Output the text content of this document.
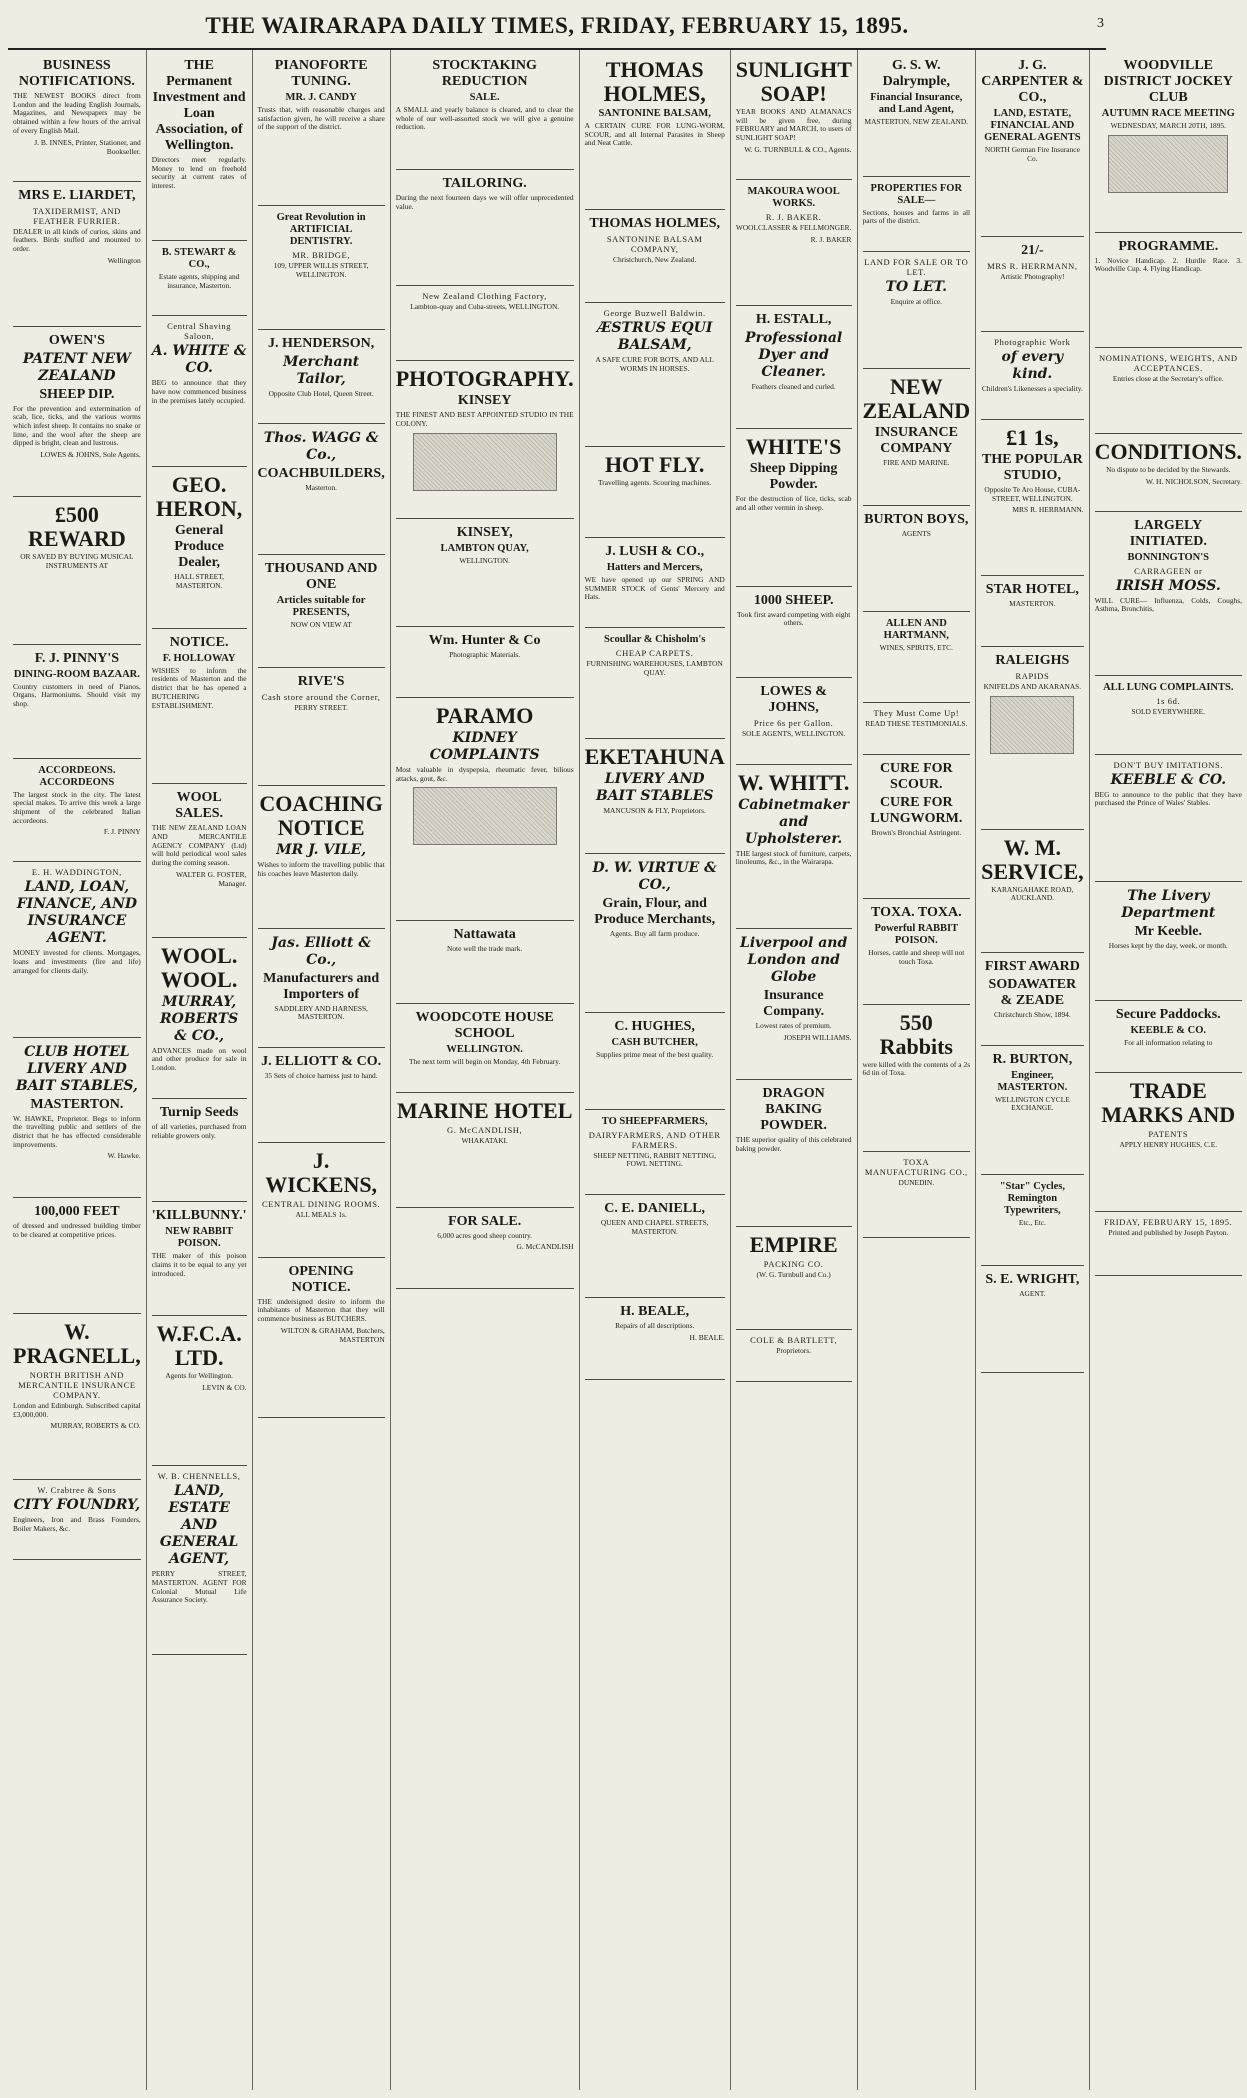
THE WAIRARAPA DAILY TIMES, FRIDAY, FEBRUARY 15, 1895.	3
BUSINESS NOTIFICATIONS.

THE NEWEST BOOKS direct from London and the leading English Journals, Magazines, and Newspapers may be obtained within a few hours of the arrival of every English Mail.

J. B. INNES, Printer, Stationer, and Bookseller.
MRS E. LIARDET,
TAXIDERMIST, AND FEATHER FURRIER.

DEALER in all kinds of curios, skins and feathers. Birds stuffed and mounted to order.

Wellington
OWEN'S
PATENT NEW ZEALAND
SHEEP DIP.

For the prevention and extermination of scab, lice, ticks, and the various worms which infest sheep. It contains no snake or lime, and the wool after the sheep are dipped is bright, clean and lustrous.

LOWES & JOHNS, Sole Agents.
£500 REWARD

OR SAVED BY BUYING MUSICAL INSTRUMENTS AT

F. J. PINNY'S
DINING-ROOM BAZAAR.

Country customers in need of Pianos, Organs, Harmoniums. Should visit my shop.

ACCORDEONS. ACCORDEONS

The largest stock in the city. The latest special makes. To arrive this week a large shipment of the celebrated Italian accordeons.

F. J. PINNY
E. H. WADDINGTON,
LAND, LOAN, FINANCE, AND INSURANCE AGENT.

MONEY invested for clients. Mortgages, loans and investments (fire and life) arranged for clients daily.

CLUB HOTEL LIVERY AND BAIT STABLES,
MASTERTON.

W. HAWKE, Proprietor. Begs to inform the travelling public and settlers of the district that he has effected considerable improvements.

W. Hawke.
100,000 FEET

of dressed and undressed building timber to be cleared at competitive prices.

W. PRAGNELL,
NORTH BRITISH AND MERCANTILE INSURANCE COMPANY.

London and Edinburgh. Subscribed capital £3,000,000.

MURRAY, ROBERTS & CO.
W. Crabtree & Sons
CITY FOUNDRY,

Engineers, Iron and Brass Founders, Boiler Makers, &c.

THE Permanent Investment and Loan Association, of Wellington.

Directors meet regularly. Money to lend on freehold security at current rates of interest.

B. STEWART & CO.,

Estate agents, shipping and insurance, Masterton.

Central Shaving Saloon,
A. WHITE & CO.

BEG to announce that they have now commenced business in the premises lately occupied.

GEO. HERON,
General Produce Dealer,

HALL STREET, MASTERTON.

NOTICE.
F. HOLLOWAY

WISHES to inform the residents of Masterton and the district that he has opened a BUTCHERING ESTABLISHMENT.

WOOL SALES.

THE NEW ZEALAND LOAN AND MERCANTILE AGENCY COMPANY (Ltd) will hold periodical wool sales during the coming season.

WALTER G. FOSTER, Manager.
WOOL. WOOL.
MURRAY, ROBERTS & CO.,

ADVANCES made on wool and other produce for sale in London.

Turnip Seeds

of all varieties, purchased from reliable growers only.

'KILLBUNNY.'
NEW RABBIT POISON.

THE maker of this poison claims it to be equal to any yet introduced.

W.F.C.A. LTD.

Agents for Wellington.

LEVIN & CO.
W. B. CHENNELLS,
LAND, ESTATE AND GENERAL AGENT,

PERRY STREET, MASTERTON. AGENT FOR Colonial Mutual Life Assurance Society.

PIANOFORTE TUNING.
MR. J. CANDY

Trusts that, with reasonable charges and satisfaction given, he will receive a share of the support of the district.

Great Revolution in ARTIFICIAL DENTISTRY.
MR. BRIDGE,

109, UPPER WILLIS STREET, WELLINGTON.

J. HENDERSON,
Merchant Tailor,

Opposite Club Hotel, Queen Street.

Thos. WAGG & Co.,
COACHBUILDERS,

Masterton.

THOUSAND AND ONE
Articles suitable for PRESENTS,

NOW ON VIEW AT

RIVE'S
Cash store around the Corner,

PERRY STREET.

COACHING NOTICE
MR J. VILE,

Wishes to inform the travelling public that his coaches leave Masterton daily.

Jas. Elliott & Co.,
Manufacturers and Importers of

SADDLERY AND HARNESS, MASTERTON.

J. ELLIOTT & CO.

35 Sets of choice harness just to hand.

J. WICKENS,
CENTRAL DINING ROOMS.

ALL MEALS 1s.

OPENING NOTICE.

THE undersigned desire to inform the inhabitants of Masterton that they will commence business as BUTCHERS.

WILTON & GRAHAM, Butchers, MASTERTON
STOCKTAKING REDUCTION
SALE.

A SMALL and yearly balance is cleared, and to clear the whole of our well-assorted stock we will give a genuine reduction.

TAILORING.

During the next fourteen days we will offer unprecedented value.

New Zealand Clothing Factory,

Lambton-quay and Cuba-streets, WELLINGTON.

PHOTOGRAPHY.
KINSEY

THE FINEST AND BEST APPOINTED STUDIO IN THE COLONY.

KINSEY,
LAMBTON QUAY,

WELLINGTON.

Wm. Hunter & Co

Photographic Materials.

PARAMO
KIDNEY COMPLAINTS

Most valuable in dyspepsia, rheumatic fever, bilious attacks, gout, &c.

Nattawata

Note well the trade mark.

WOODCOTE HOUSE SCHOOL
WELLINGTON.

The next term will begin on Monday, 4th February.

MARINE HOTEL
G. McCANDLISH,

WHAKATAKI.

FOR SALE.

6,000 acres good sheep country.

G. McCANDLISH
THOMAS HOLMES,
SANTONINE BALSAM,

A CERTAIN CURE FOR LUNG-WORM, SCOUR, and all Internal Parasites in Sheep and Neat Cattle.

THOMAS HOLMES,
SANTONINE BALSAM COMPANY,

Christchurch, New Zealand.

George Buzwell Baldwin.
ÆSTRUS EQUI BALSAM,

A SAFE CURE FOR BOTS, AND ALL WORMS IN HORSES.

HOT FLY.

Travelling agents. Scouring machines.

J. LUSH & CO.,
Hatters and Mercers,

WE have opened up our SPRING AND SUMMER STOCK of Gents' Mercery and Hats.

Scoullar & Chisholm's
CHEAP CARPETS.

FURNISHING WAREHOUSES, LAMBTON QUAY.

EKETAHUNA
LIVERY AND BAIT STABLES

MANCUSON & FLY, Proprietors.

D. W. VIRTUE & CO.,
Grain, Flour, and Produce Merchants,

Agents. Buy all farm produce.

C. HUGHES,
CASH BUTCHER,

Supplies prime meat of the best quality.

TO SHEEPFARMERS,
DAIRYFARMERS, AND OTHER FARMERS.

SHEEP NETTING, RABBIT NETTING, FOWL NETTING.

C. E. DANIELL,

QUEEN AND CHAPEL STREETS, MASTERTON.

H. BEALE,

Repairs of all descriptions.

H. BEALE.
SUNLIGHT SOAP!

YEAR BOOKS AND ALMANACS will be given free, during FEBRUARY and MARCH, to users of SUNLIGHT SOAP!

W. G. TURNBULL & CO., Agents.
MAKOURA WOOL WORKS.
R. J. BAKER.

WOOLCLASSER & FELLMONGER.

R. J. BAKER
H. ESTALL,
Professional Dyer and Cleaner.

Feathers cleaned and curled.

WHITE'S
Sheep Dipping Powder.

For the destruction of lice, ticks, scab and all other vermin in sheep.

1000 SHEEP.

Took first award competing with eight others.

LOWES & JOHNS,
Price 6s per Gallon.

SOLE AGENTS, WELLINGTON.

W. WHITT.
Cabinetmaker and Upholsterer.

THE largest stock of furniture, carpets, linoleums, &c., in the Wairarapa.

Liverpool and London and Globe
Insurance Company.

Lowest rates of premium.

JOSEPH WILLIAMS.
DRAGON BAKING POWDER.

THE superior quality of this celebrated baking powder.

EMPIRE
PACKING CO.

(W. G. Turnbull and Co.)

COLE & BARTLETT,

Proprietors.

G. S. W. Dalrymple,
Financial Insurance, and Land Agent,

MASTERTON, NEW ZEALAND.

PROPERTIES FOR SALE—

Sections, houses and farms in all parts of the district.

LAND FOR SALE OR TO LET.
TO LET.

Enquire at office.

NEW ZEALAND
INSURANCE COMPANY

FIRE AND MARINE.

BURTON BOYS,

AGENTS

ALLEN AND HARTMANN,

WINES, SPIRITS, ETC.

They Must Come Up!

READ THESE TESTIMONIALS.

CURE FOR SCOUR.
CURE FOR LUNGWORM.

Brown's Bronchial Astringent.

TOXA. TOXA.
Powerful RABBIT POISON.

Horses, cattle and sheep will not touch Toxa.

550 Rabbits

were killed with the contents of a 2s 6d tin of Toxa.

TOXA MANUFACTURING CO.,

DUNEDIN.

J. G. CARPENTER & CO.,
LAND, ESTATE, FINANCIAL AND GENERAL AGENTS

NORTH German Fire Insurance Co.

21/-
MRS R. HERRMANN,

Artistic Photography!

Photographic Work
of every kind.

Children's Likenesses a speciality.

£1 1s,
THE POPULAR STUDIO,

Opposite Te Aro House, CUBA-STREET, WELLINGTON.

MRS R. HERRMANN.
STAR HOTEL,

MASTERTON.

RALEIGHS
RAPIDS

KNIFELDS AND AKARANAS.

W. M. SERVICE,

KARANGAHAKE ROAD, AUCKLAND.

FIRST AWARD
SODAWATER & ZEADE

Christchurch Show, 1894.

R. BURTON,
Engineer, MASTERTON.

WELLINGTON CYCLE EXCHANGE.

"Star" Cycles, Remington Typewriters,

Etc., Etc.

S. E. WRIGHT,

AGENT.

WOODVILLE DISTRICT JOCKEY CLUB
AUTUMN RACE MEETING

WEDNESDAY, MARCH 20TH, 1895.

PROGRAMME.

1. Novice Handicap. 2. Hurdle Race. 3. Woodville Cup. 4. Flying Handicap.

NOMINATIONS, WEIGHTS, AND ACCEPTANCES.

Entries close at the Secretary's office.

CONDITIONS.

No dispute to be decided by the Stewards.

W. H. NICHOLSON, Secretary.
LARGELY INITIATED.
BONNINGTON'S
CARRAGEEN or
IRISH MOSS.

WILL CURE— Influenza, Colds, Coughs, Asthma, Bronchitis,

ALL LUNG COMPLAINTS.
1s 6d.

SOLD EVERYWHERE.

DON'T BUY IMITATIONS.
KEEBLE & CO.

BEG to announce to the public that they have purchased the Prince of Wales' Stables.

The Livery Department
Mr Keeble.

Horses kept by the day, week, or month.

Secure Paddocks.
KEEBLE & CO.

For all information relating to

TRADE MARKS AND
PATENTS

APPLY HENRY HUGHES, C.E.

FRIDAY, FEBRUARY 15, 1895.

Printed and published by Joseph Payton.
